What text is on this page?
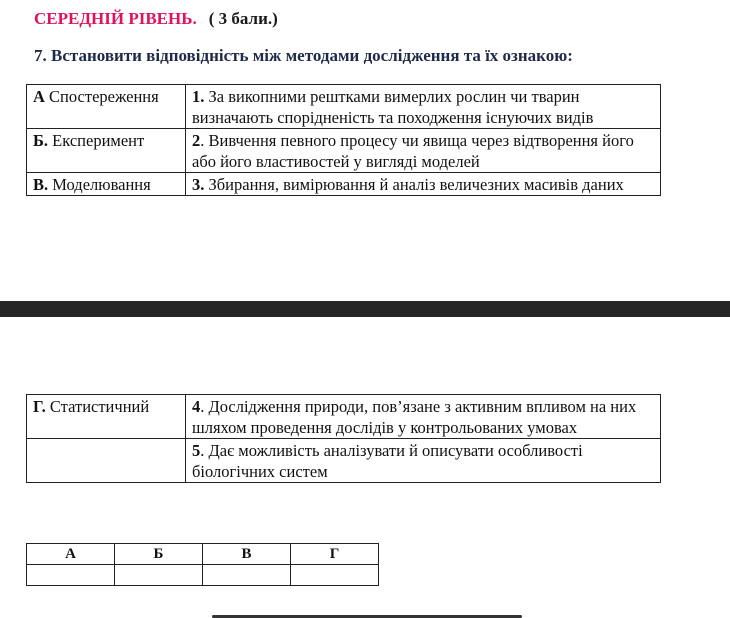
СЕРЕДНІЙ РІВЕНЬ. ( 3 бали.)
7. Встановити відповідність між методами дослідження та їх ознакою:
А Спостереження	1. За викопними рештками вимерлих рослин чи тварин визначають спорідненість та походження існуючих видів
Б. Експеримент	2. Вивчення певного процесу чи явища через відтворення його або його властивостей у вигляді моделей
В. Моделювання	3. Збирання, вимірювання й аналіз величезних масивів даних
Г. Статистичний	4. Дослідження природи, пов’язане з активним впливом на них шляхом проведення дослідів у контрольованих умовах
	5. Дає можливість аналізувати й описувати особливості біологічних систем
А	Б	В	Г
